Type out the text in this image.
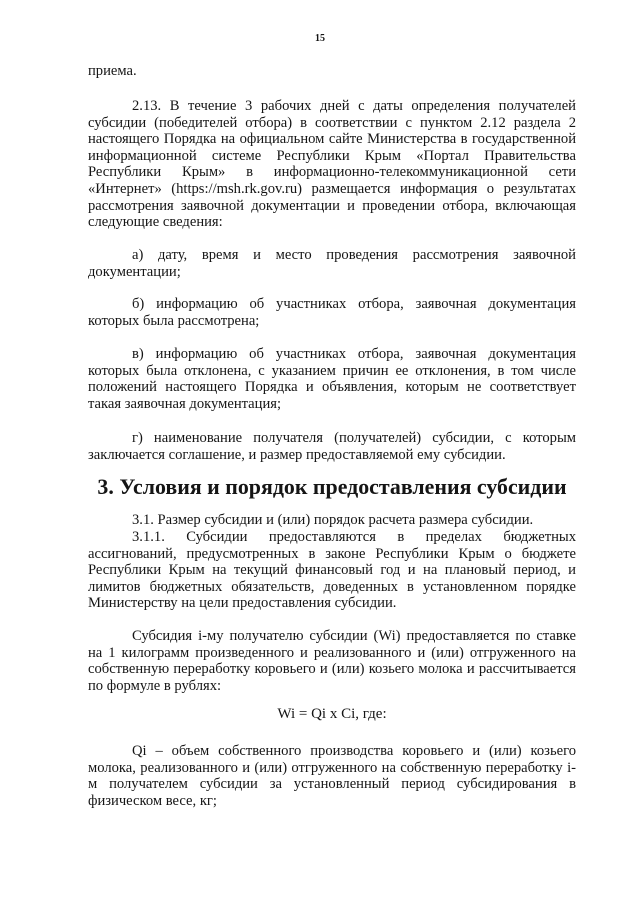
15

приема.

2.13. В течение 3 рабочих дней с даты определения получателей субсидии (победителей отбора) в соответствии с пунктом 2.12 раздела 2 настоящего Порядка на официальном сайте Министерства в государственной информационной системе Республики Крым «Портал Правительства Республики Крым» в информационно-телекоммуникационной сети «Интернет» (https://msh.rk.gov.ru) размещается информация о результатах рассмотрения заявочной документации и проведении отбора, включающая следующие сведения:

а) дату, время и место проведения рассмотрения заявочной документации;

б) информацию об участниках отбора, заявочная документация которых была рассмотрена;

в) информацию об участниках отбора, заявочная документация которых была отклонена, с указанием причин ее отклонения, в том числе положений настоящего Порядка и объявления, которым не соответствует такая заявочная документация;

г) наименование получателя (получателей) субсидии, с которым заключается соглашение, и размер предоставляемой ему субсидии.

3. Условия и порядок предоставления субсидии

3.1. Размер субсидии и (или) порядок расчета размера субсидии.

3.1.1. Субсидии предоставляются в пределах бюджетных ассигнований, предусмотренных в законе Республики Крым о бюджете Республики Крым на текущий финансовый год и на плановый период, и лимитов бюджетных обязательств, доведенных в установленном порядке Министерству на цели предоставления субсидии.

Субсидия i-му получателю субсидии (Wi) предоставляется по ставке на 1 килограмм произведенного и реализованного и (или) отгруженного на собственную переработку коровьего и (или) козьего молока и рассчитывается по формуле в рублях:

Wi = Qi x Ci, где:

Qi – объем собственного производства коровьего и (или) козьего молока, реализованного и (или) отгруженного на собственную переработку i-м получателем субсидии за установленный период субсидирования в физическом весе, кг;
